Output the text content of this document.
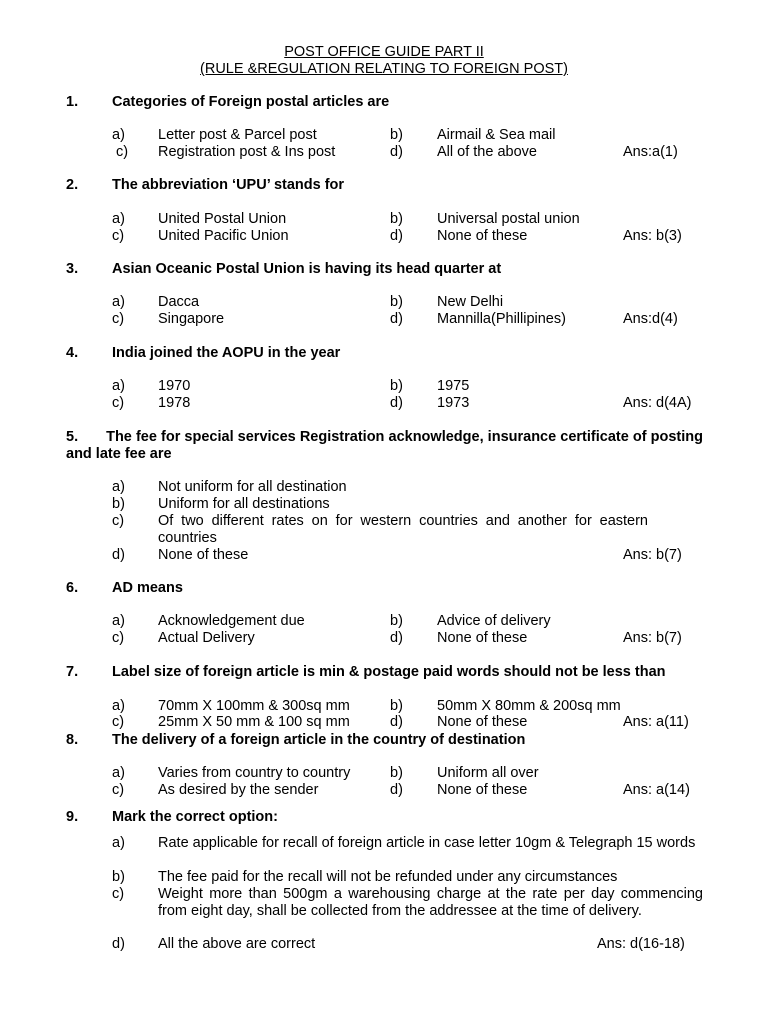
POST OFFICE GUIDE PART II
(RULE &REGULATION RELATING TO FOREIGN POST)
1. Categories of Foreign postal articles are
a) Letter post & Parcel post	b) Airmail & Sea mail
c) Registration post & Ins post	d) All of the above	Ans:a(1)
2. The abbreviation ‘UPU’ stands for
a) United Postal Union	b) Universal postal union
c) United Pacific Union	d) None of these	Ans: b(3)
3. Asian Oceanic Postal Union is having its head quarter at
a) Dacca	b) New Delhi
c) Singapore	d) Mannilla(Phillipines)	Ans:d(4)
4. India joined the AOPU in the year
a) 1970	b) 1975
c) 1978	d) 1973	Ans: d(4A)
5. The fee for special services Registration acknowledge, insurance certificate of posting and late fee are
a) Not uniform for all destination
b) Uniform for all destinations
c) Of two different rates on for western countries and another for eastern countries
d) None of these	Ans: b(7)
6. AD means
a) Acknowledgement due	b) Advice of delivery
c) Actual Delivery	d) None of these	Ans: b(7)
7. Label size of foreign article is min & postage paid words should not be less than
a) 70mm X 100mm & 300sq mm	b) 50mm X 80mm & 200sq mm
c) 25mm X 50 mm & 100 sq mm	d) None of these	Ans: a(11)
8. The delivery of a foreign article in the country of destination
a) Varies from country to country	b) Uniform all over
c) As desired by the sender	d) None of these	Ans: a(14)
9. Mark the correct option:
a) Rate applicable for recall of foreign article in case letter 10gm & Telegraph 15 words
b) The fee paid for the recall will not be refunded under any circumstances
c) Weight more than 500gm a warehousing charge at the rate per day commencing from eight day, shall be collected from the addressee at the time of delivery.
d) All the above are correct	Ans: d(16-18)
